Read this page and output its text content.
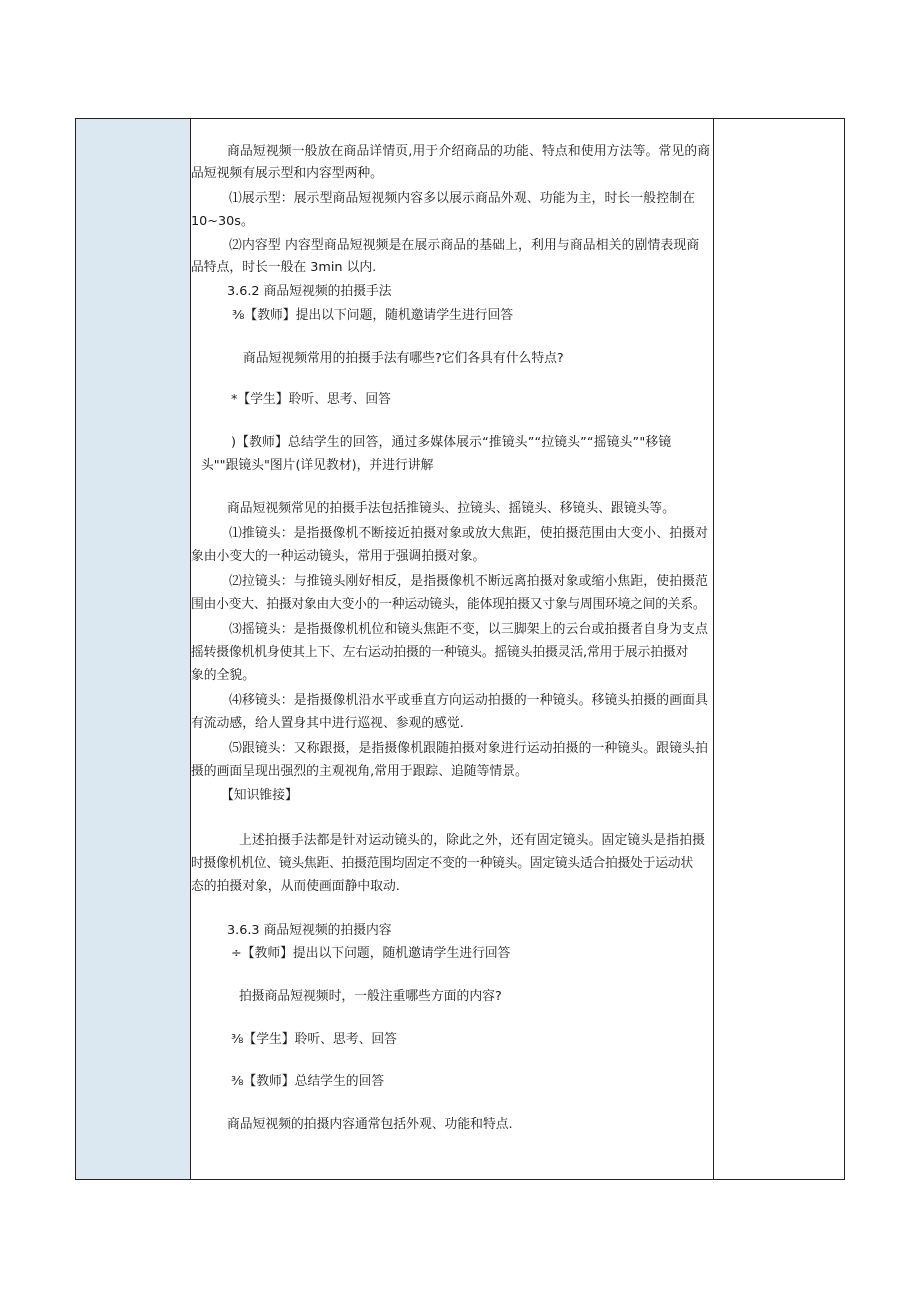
商品短视频一般放在商品详情页,用于介绍商品的功能、特点和使用方法等。常见的商
品短视频有展示型和内容型两种。
⑴展示型：展示型商品短视频内容多以展示商品外观、功能为主，时长一般控制在
10~30s。
⑵内容型 内容型商品短视频是在展示商品的基础上，利用与商品相关的剧情表现商
品特点，时长一般在 3min 以内.
3.6.2 商品短视频的拍摄手法
⅜【教师】提出以下问题，随机邀请学生进行回答
商品短视频常用的拍摄手法有哪些?它们各具有什么特点?
*【学生】聆听、思考、回答
)【教师】总结学生的回答，通过多媒体展示“推镜头”“拉镜头”“摇镜头”"移镜
头""跟镜头"图片(详见教材)，并进行讲解
商品短视频常见的拍摄手法包括推镜头、拉镜头、摇镜头、移镜头、跟镜头等。
⑴推镜头：是指摄像机不断接近拍摄对象或放大焦距，使拍摄范围由大变小、拍摄对
象由小变大的一种运动镜头，常用于强调拍摄对象。
⑵拉镜头：与推镜头刚好相反，是指摄像机不断远离拍摄对象或缩小焦距，使拍摄范
围由小变大、拍摄对象由大变小的一种运动镜头，能体现拍摄又寸象与周围环境之间的关系。
⑶摇镜头：是指摄像机机位和镜头焦距不变，以三脚架上的云台或拍摄者自身为支点
摇转摄像机机身使其上下、左右运动拍摄的一种镜头。摇镜头拍摄灵活,常用于展示拍摄对
象的全貌。
⑷移镜头：是指摄像机沿水平或垂直方向运动拍摄的一种镜头。移镜头拍摄的画面具
有流动感，给人置身其中进行巡视、参观的感觉.
⑸跟镜头：又称跟摄，是指摄像机跟随拍摄对象进行运动拍摄的一种镜头。跟镜头拍
摄的画面呈现出强烈的主观视角,常用于跟踪、追随等情景。
【知识锥接】
上述拍摄手法都是针对运动镜头的，除此之外，还有固定镜头。固定镜头是指拍摄
时摄像机机位、镜头焦距、拍摄范围均固定不变的一种镜头。固定镜头适合拍摄处于运动状
态的拍摄对象，从而使画面静中取动.
3.6.3 商品短视频的拍摄内容
÷【教师】提出以下问题，随机邀请学生进行回答
拍摄商品短视频时，一般注重哪些方面的内容?
⅜【学生】聆听、思考、回答
⅜【教师】总结学生的回答
商品短视频的拍摄内容通常包括外观、功能和特点.
